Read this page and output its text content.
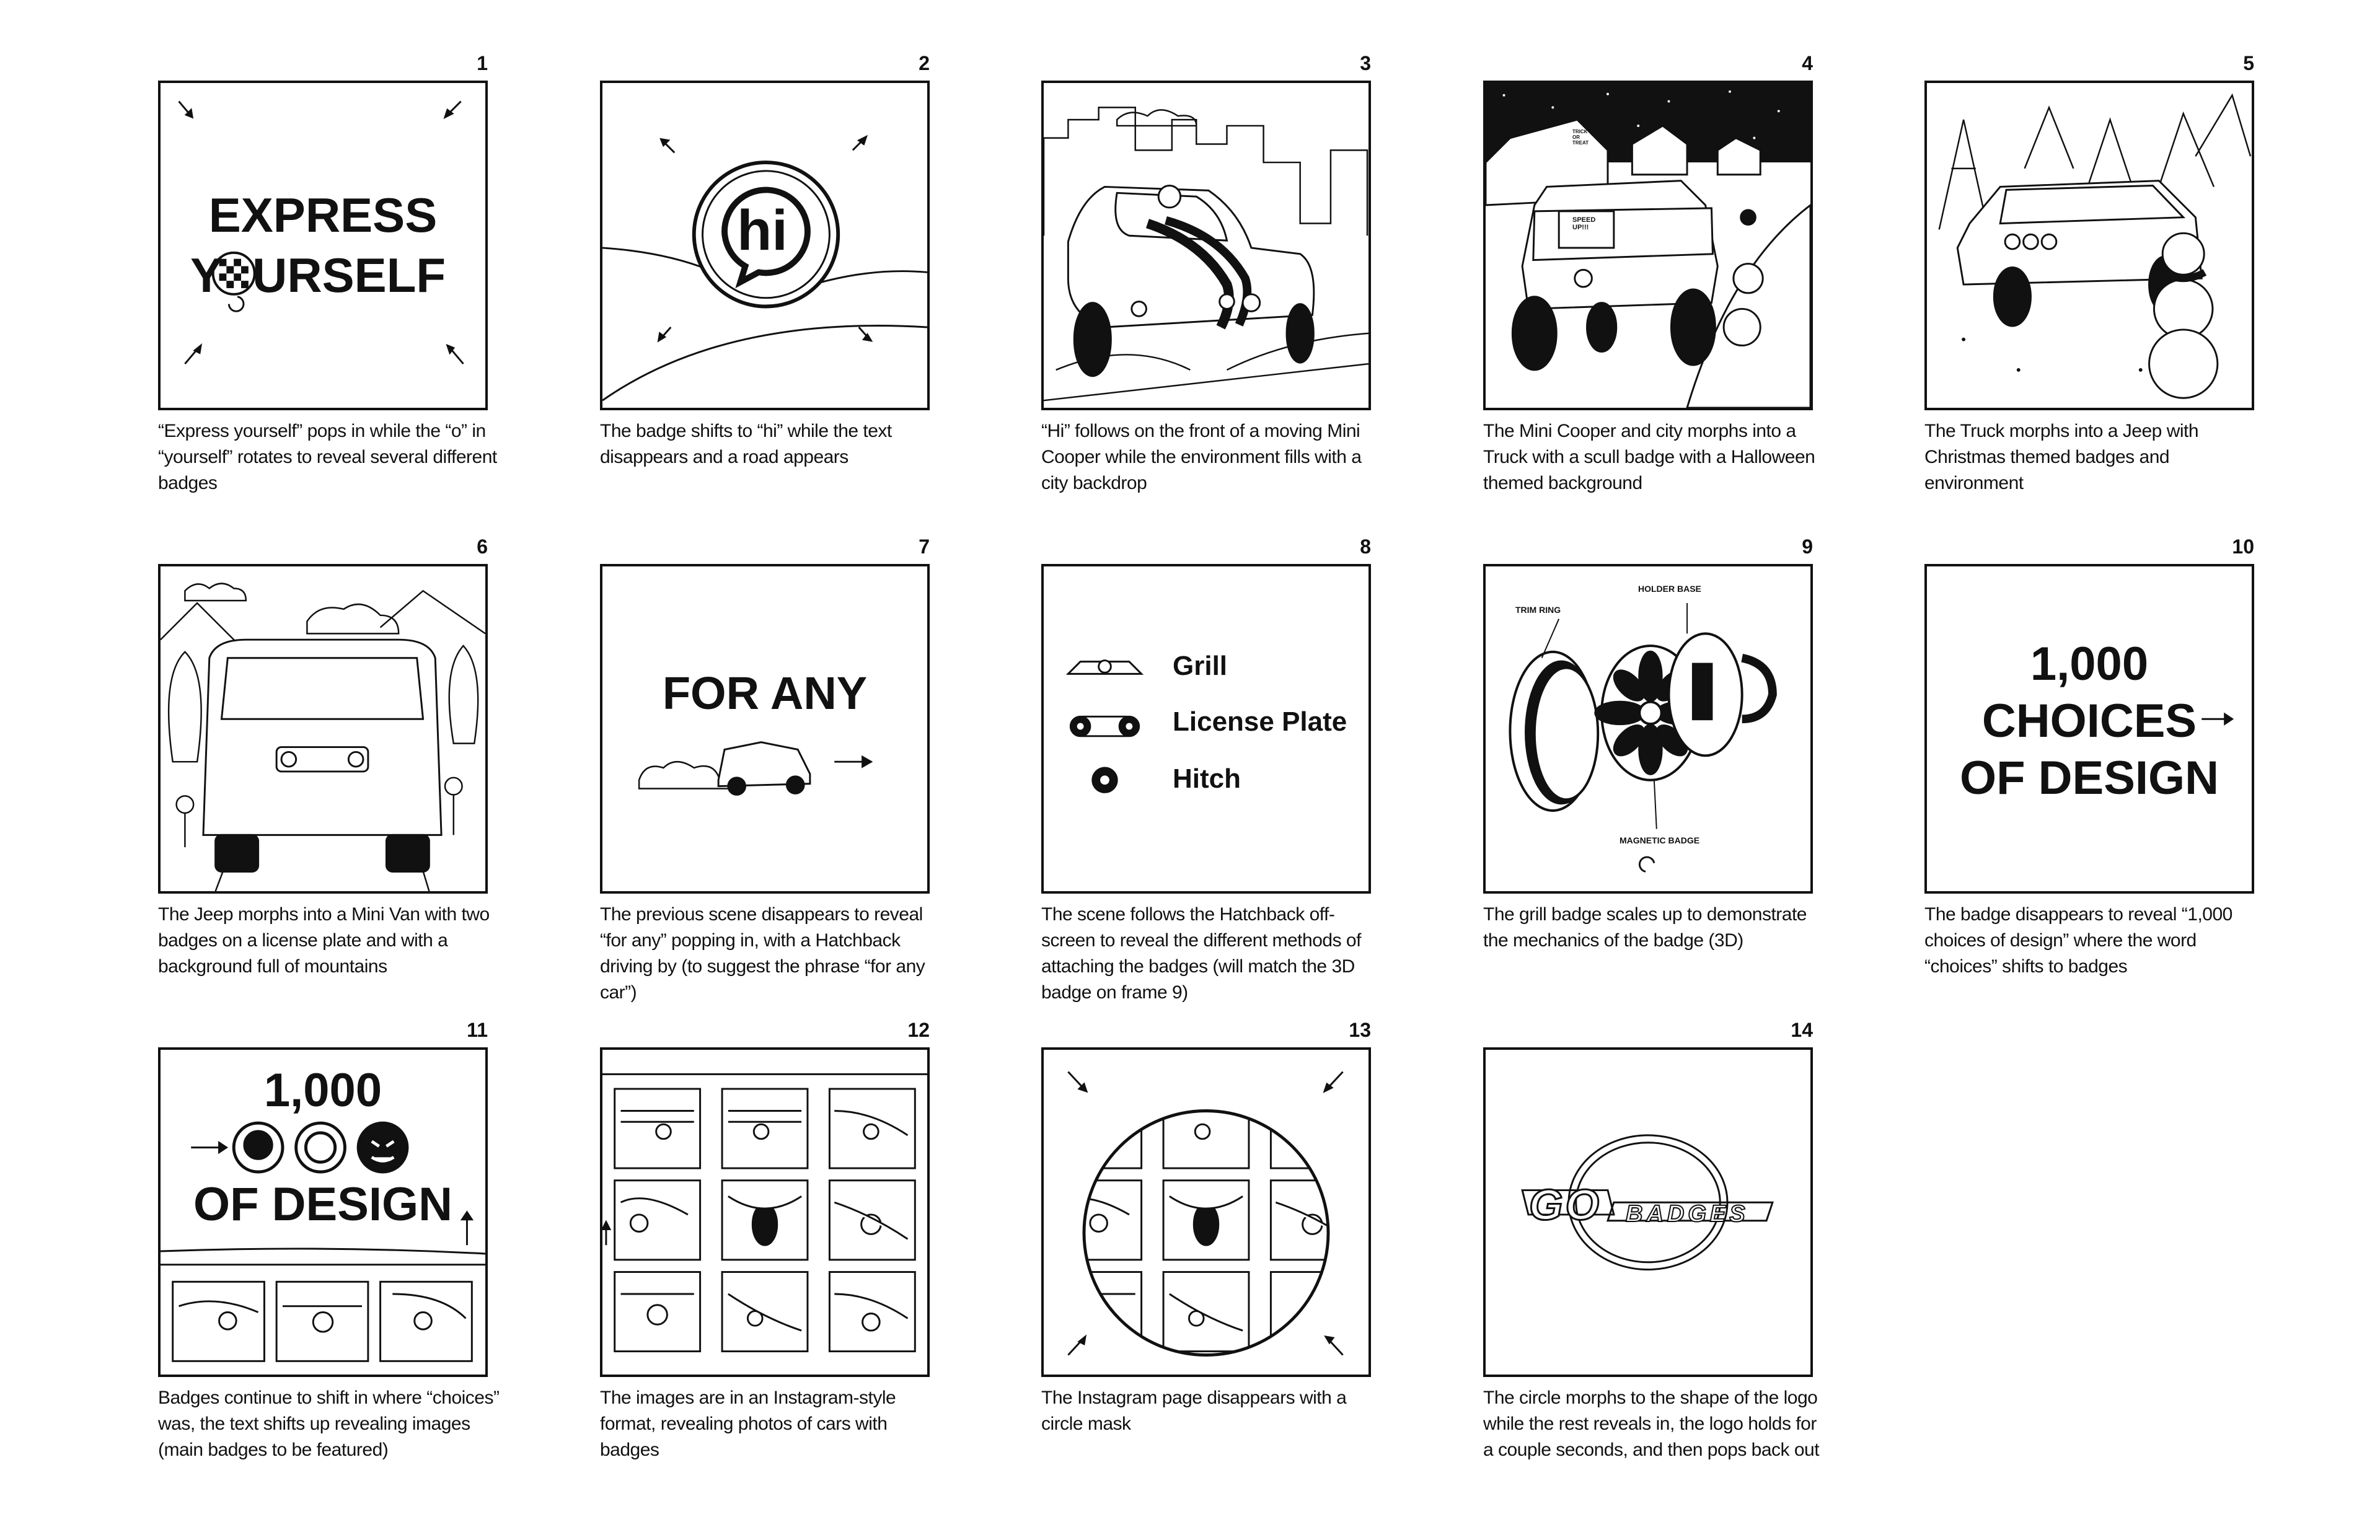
1
EXPRESS
Y URSELF
“Express yourself” pops in while the “o” in “yourself” rotates to reveal several different badges
2
hi
The badge shifts to “hi” while the text disappears and a road appears
3
“Hi” follows on the front of a moving Mini Cooper while the environment fills with a city backdrop
4
SPEED UP!!!
TRICK OR TREAT
The Mini Cooper and city morphs into a Truck with a scull badge with a Halloween themed background
5
The Truck morphs into a Jeep with Christmas themed badges and environment
6
The Jeep morphs into a Mini Van with two badges on a license plate and with a background full of mountains
7
FOR ANY
The previous scene disappears to reveal “for any” popping in, with a Hatchback driving by (to suggest the phrase “for any car”)
8
Grill
License Plate
Hitch
The scene follows the Hatchback off-screen to reveal the different methods of attaching the badges (will match the 3D badge on frame 9)
9
TRIM RING
HOLDER BASE
MAGNETIC BADGE
The grill badge scales up to demonstrate the mechanics of the badge (3D)
10
1,000
CHOICES
OF DESIGN
The badge disappears to reveal “1,000 choices of design” where the word “choices” shifts to badges
11
1,000
OF DESIGN
Badges continue to shift in where “choices” was, the text shifts up revealing images (main badges to be featured)
12
The images are in an Instagram-style format, revealing photos of cars with badges
13
The Instagram page disappears with a circle mask
14
GO BADGES
The circle morphs to the shape of the logo while the rest reveals in, the logo holds for a couple seconds, and then pops back out
